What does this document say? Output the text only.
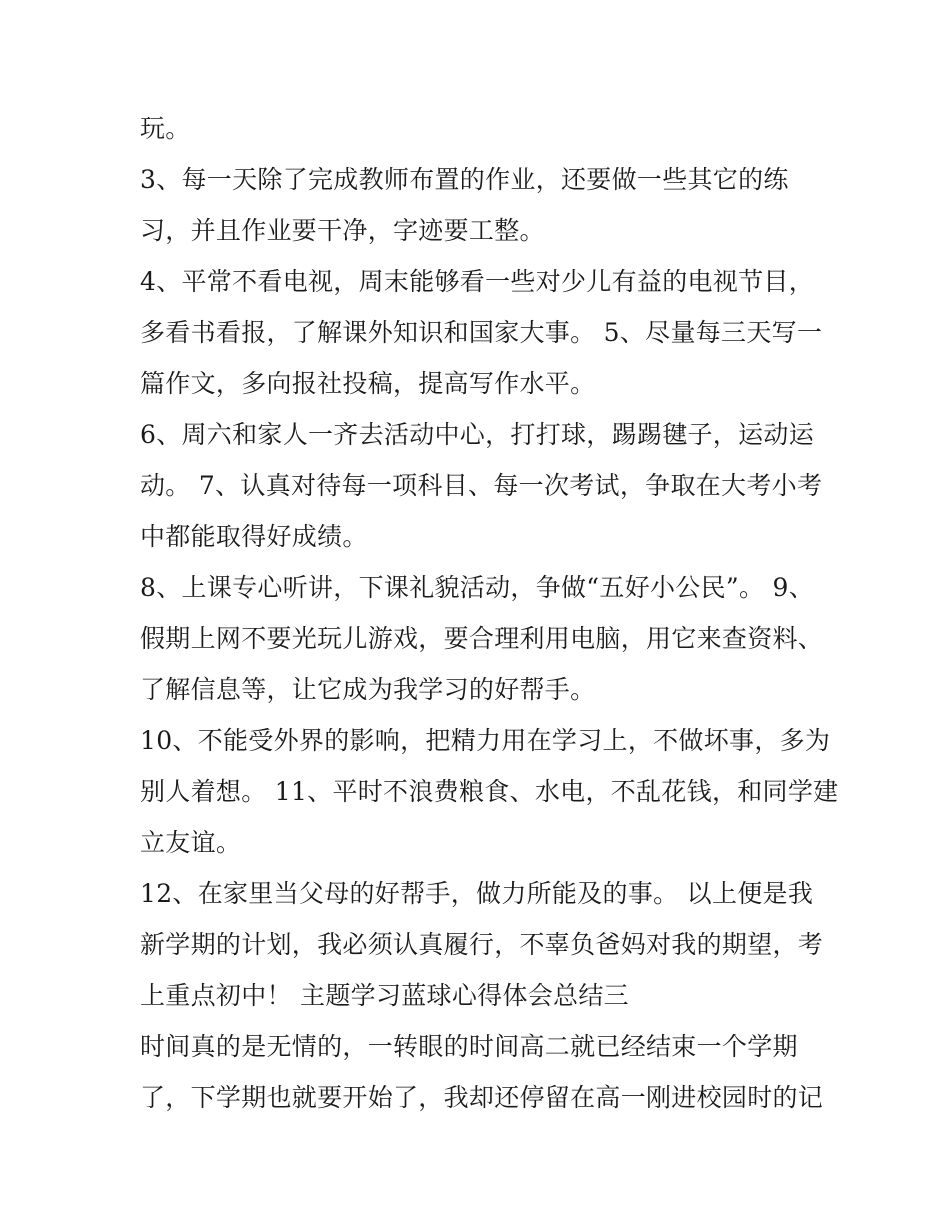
玩。
3、每一天除了完成教师布置的作业，还要做一些其它的练
习，并且作业要干净，字迹要工整。
4、平常不看电视，周末能够看一些对少儿有益的电视节目，
多看书看报，了解课外知识和国家大事。 5、尽量每三天写一
篇作文，多向报社投稿，提高写作水平。
6、周六和家人一齐去活动中心，打打球，踢踢毽子，运动运
动。 7、认真对待每一项科目、每一次考试，争取在大考小考
中都能取得好成绩。
8、上课专心听讲，下课礼貌活动，争做“五好小公民”。 9、
假期上网不要光玩儿游戏，要合理利用电脑，用它来查资料、
了解信息等，让它成为我学习的好帮手。
10、不能受外界的影响，把精力用在学习上，不做坏事，多为
别人着想。 11、平时不浪费粮食、水电，不乱花钱，和同学建
立友谊。
12、在家里当父母的好帮手，做力所能及的事。 以上便是我
新学期的计划，我必须认真履行，不辜负爸妈对我的期望，考
上重点初中！ 主题学习蓝球心得体会总结三
时间真的是无情的，一转眼的时间高二就已经结束一个学期
了，下学期也就要开始了，我却还停留在高一刚进校园时的记
